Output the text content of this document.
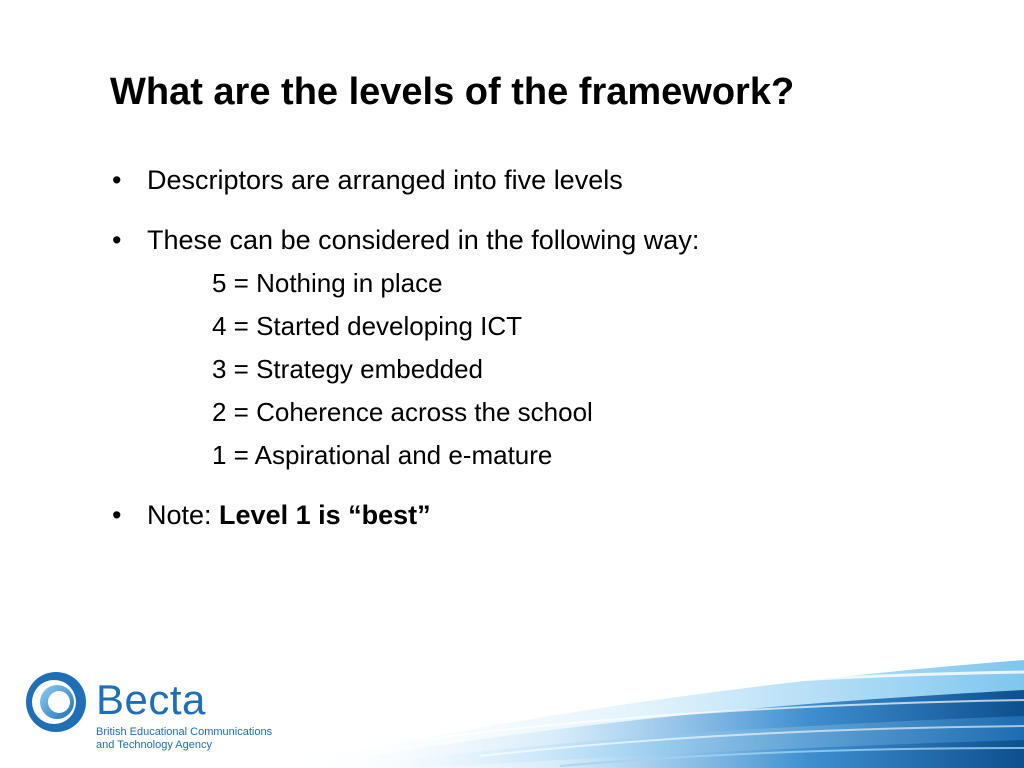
What are the levels of the framework?
• Descriptors are arranged into five levels
• These can be considered in the following way:
5 = Nothing in place
4 = Started developing ICT
3 = Strategy embedded
2 = Coherence across the school
1 = Aspirational and e-mature
• Note: Level 1 is “best”
Becta
British Educational Communications
and Technology Agency
